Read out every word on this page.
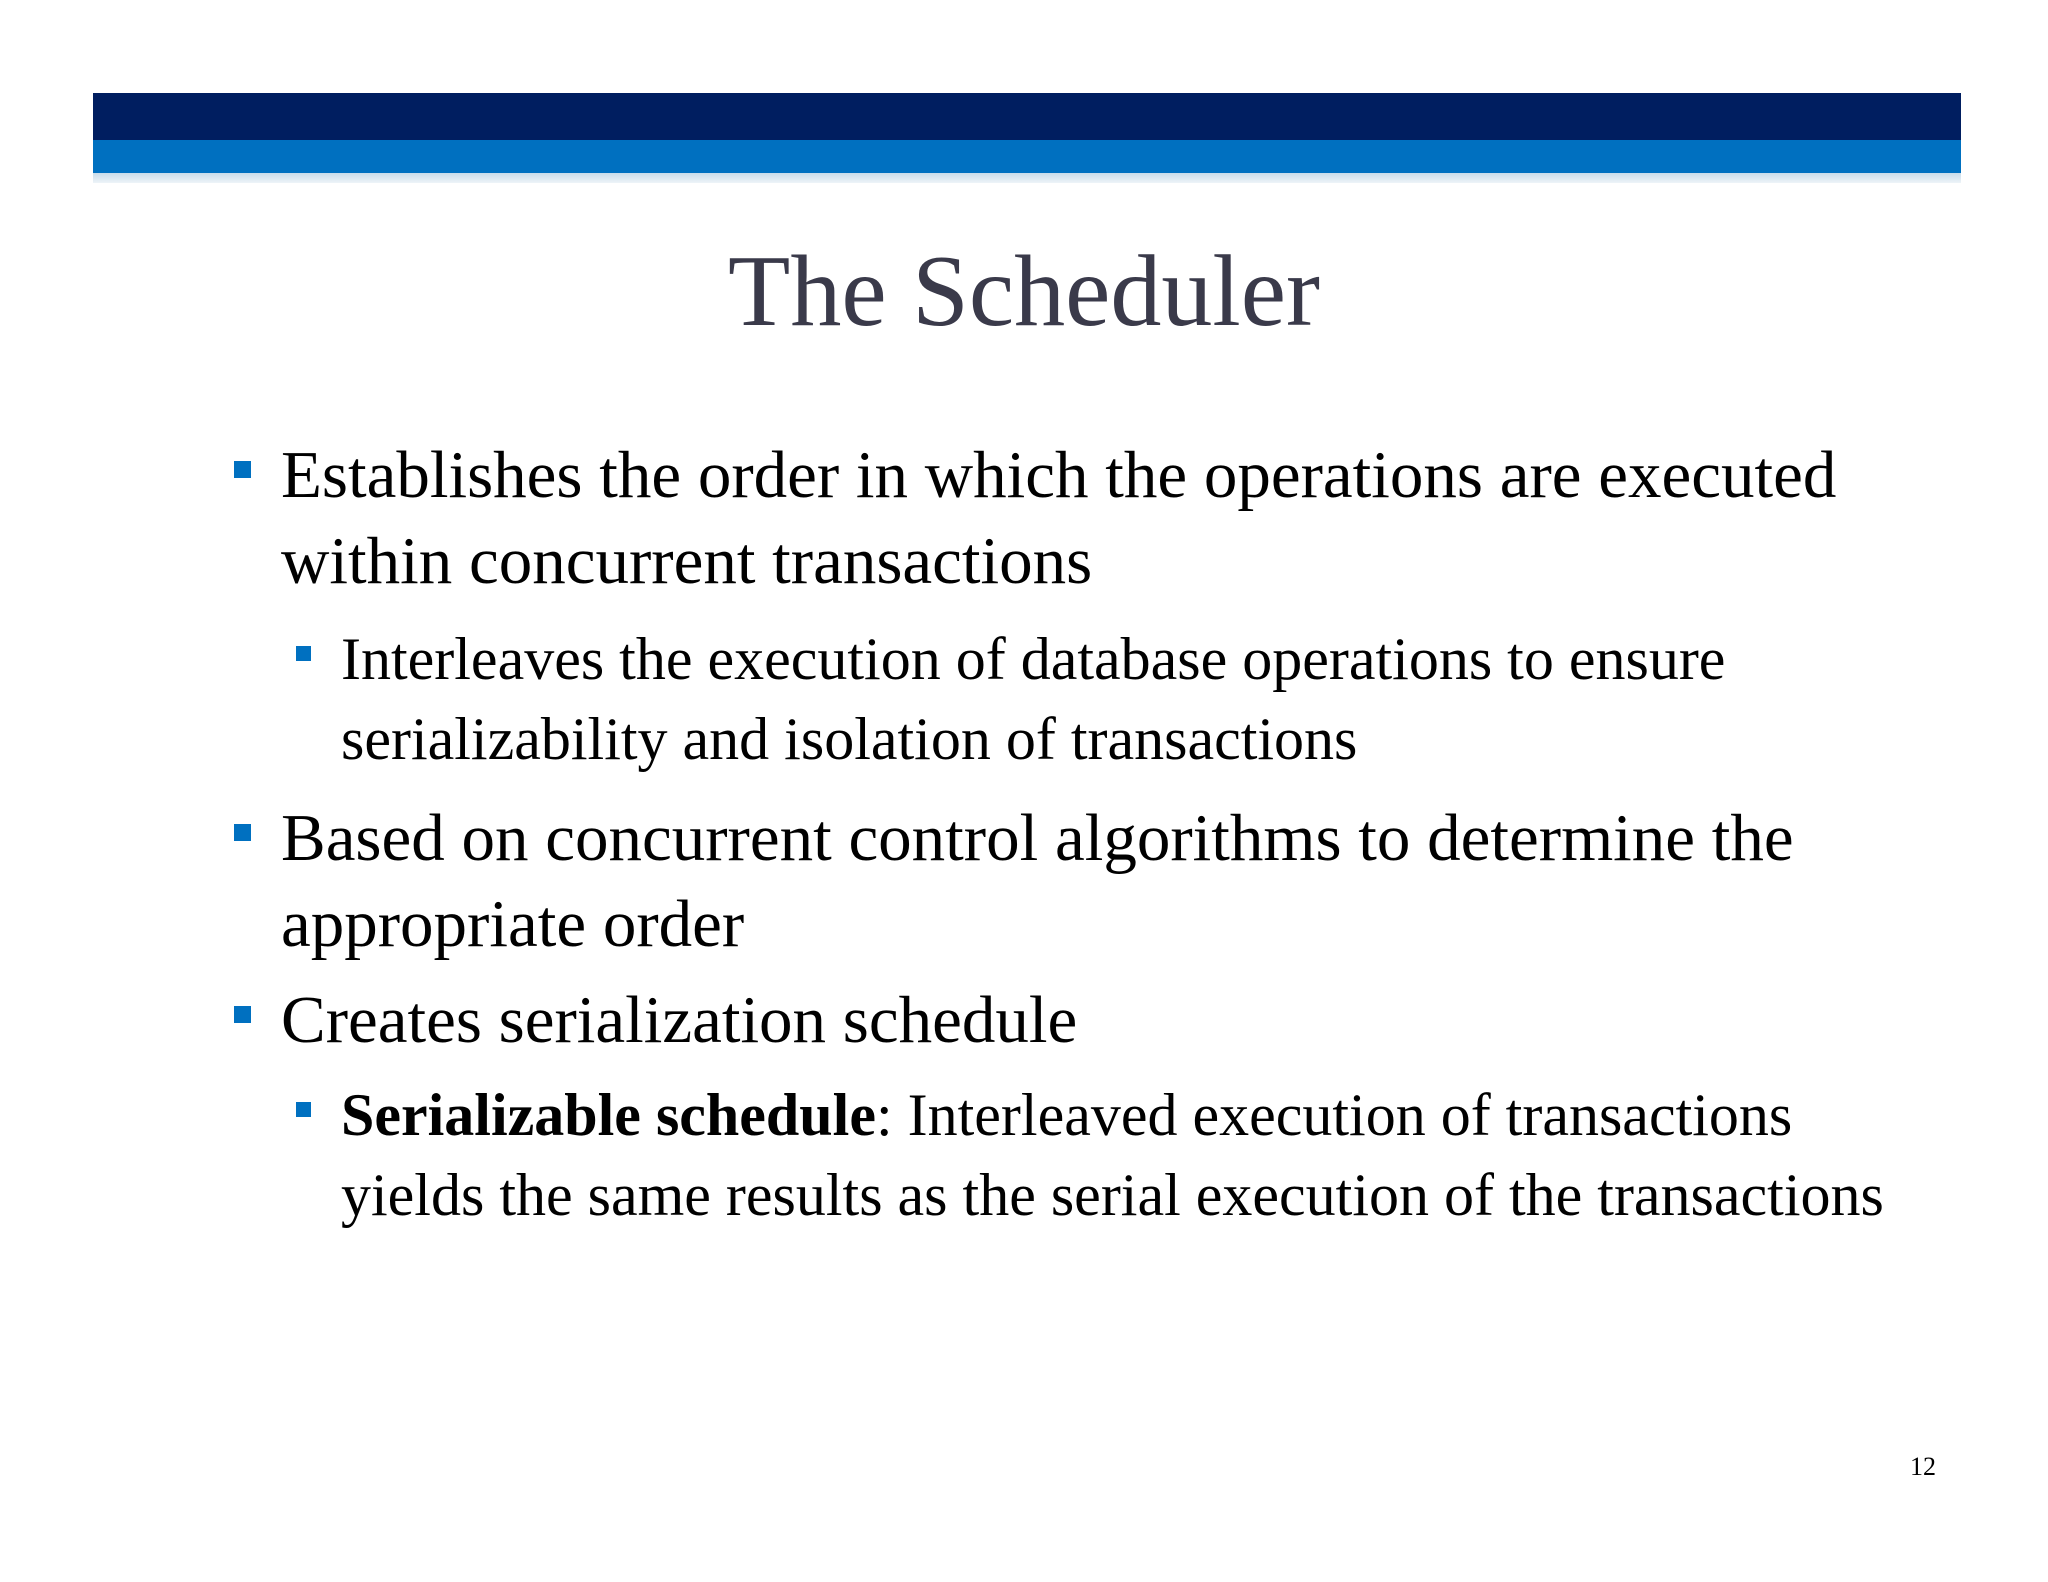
The Scheduler

Establishes the order in which the operations are executed within concurrent transactions

Interleaves the execution of database operations to ensure serializability and isolation of transactions

Based on concurrent control algorithms to determine the appropriate order

Creates serialization schedule

Serializable schedule: Interleaved execution of transactions yields the same results as the serial execution of the transactions

12
